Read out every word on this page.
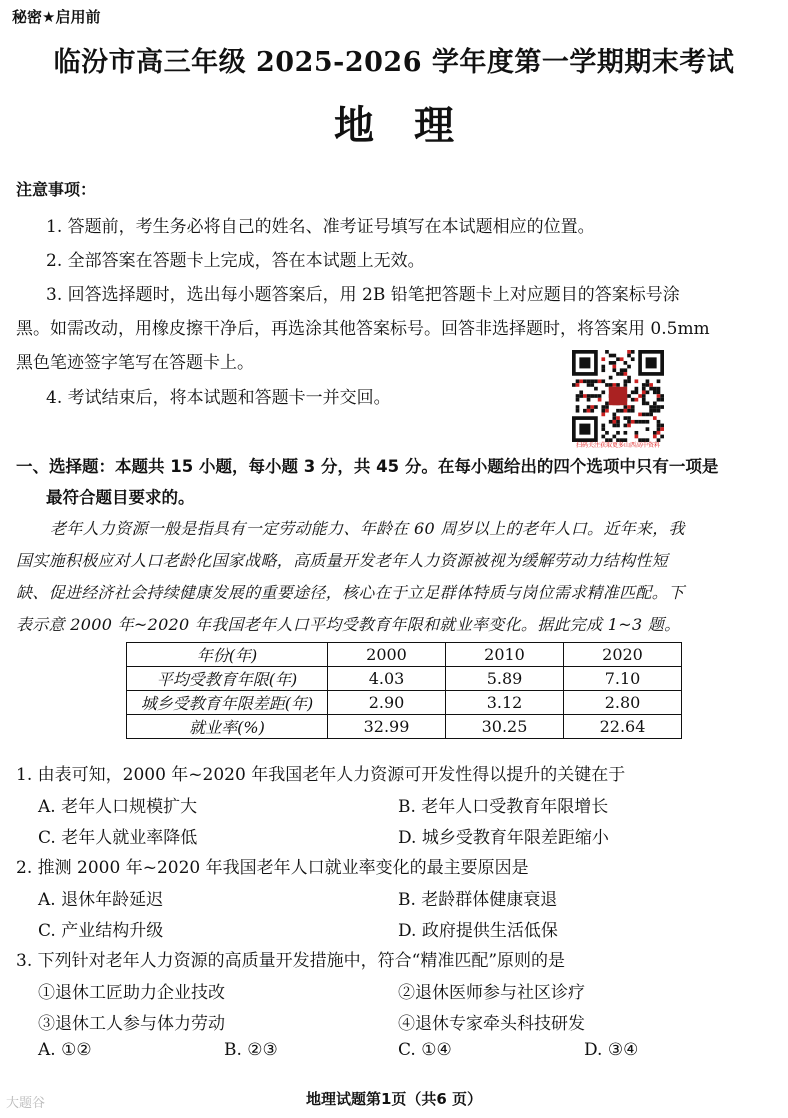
秘密★启用前
临汾市高三年级 2025-2026 学年度第一学期期末考试
地理
注意事项：
1. 答题前，考生务必将自己的姓名、准考证号填写在本试题相应的位置。
2. 全部答案在答题卡上完成，答在本试题上无效。
3. 回答选择题时，选出每小题答案后，用 2B 铅笔把答题卡上对应题目的答案标号涂
黑。如需改动，用橡皮擦干净后，再选涂其他答案标号。回答非选择题时，将答案用 0.5mm
黑色笔迹签字笔写在答题卡上。
4. 考试结束后，将本试题和答题卡一并交回。
扫码关注获取更多山西高中资料
一、选择题：本题共 15 小题，每小题 3 分，共 45 分。在每小题给出的四个选项中只有一项是
最符合题目要求的。
老年人力资源一般是指具有一定劳动能力、年龄在 60 周岁以上的老年人口。近年来，我
国实施积极应对人口老龄化国家战略，高质量开发老年人力资源被视为缓解劳动力结构性短
缺、促进经济社会持续健康发展的重要途径，核心在于立足群体特质与岗位需求精准匹配。下
表示意 2000 年~2020 年我国老年人口平均受教育年限和就业率变化。据此完成 1~3 题。
年份(年)	2000	2010	2020
平均受教育年限(年)	4.03	5.89	7.10
城乡受教育年限差距(年)	2.90	3.12	2.80
就业率(%)	32.99	30.25	22.64
1. 由表可知，2000 年~2020 年我国老年人力资源可开发性得以提升的关键在于
A. 老年人口规模扩大	B. 老年人口受教育年限增长
C. 老年人就业率降低	D. 城乡受教育年限差距缩小
2. 推测 2000 年~2020 年我国老年人口就业率变化的最主要原因是
A. 退休年龄延迟	B. 老龄群体健康衰退
C. 产业结构升级	D. 政府提供生活低保
3. 下列针对老年人力资源的高质量开发措施中，符合“精准匹配”原则的是
①退休工匠助力企业技改	②退休医师参与社区诊疗
③退休工人参与体力劳动	④退休专家牵头科技研发
A. ①②	B. ②③	C. ①④	D. ③④
地理试题第1页（共6 页）
大题谷
